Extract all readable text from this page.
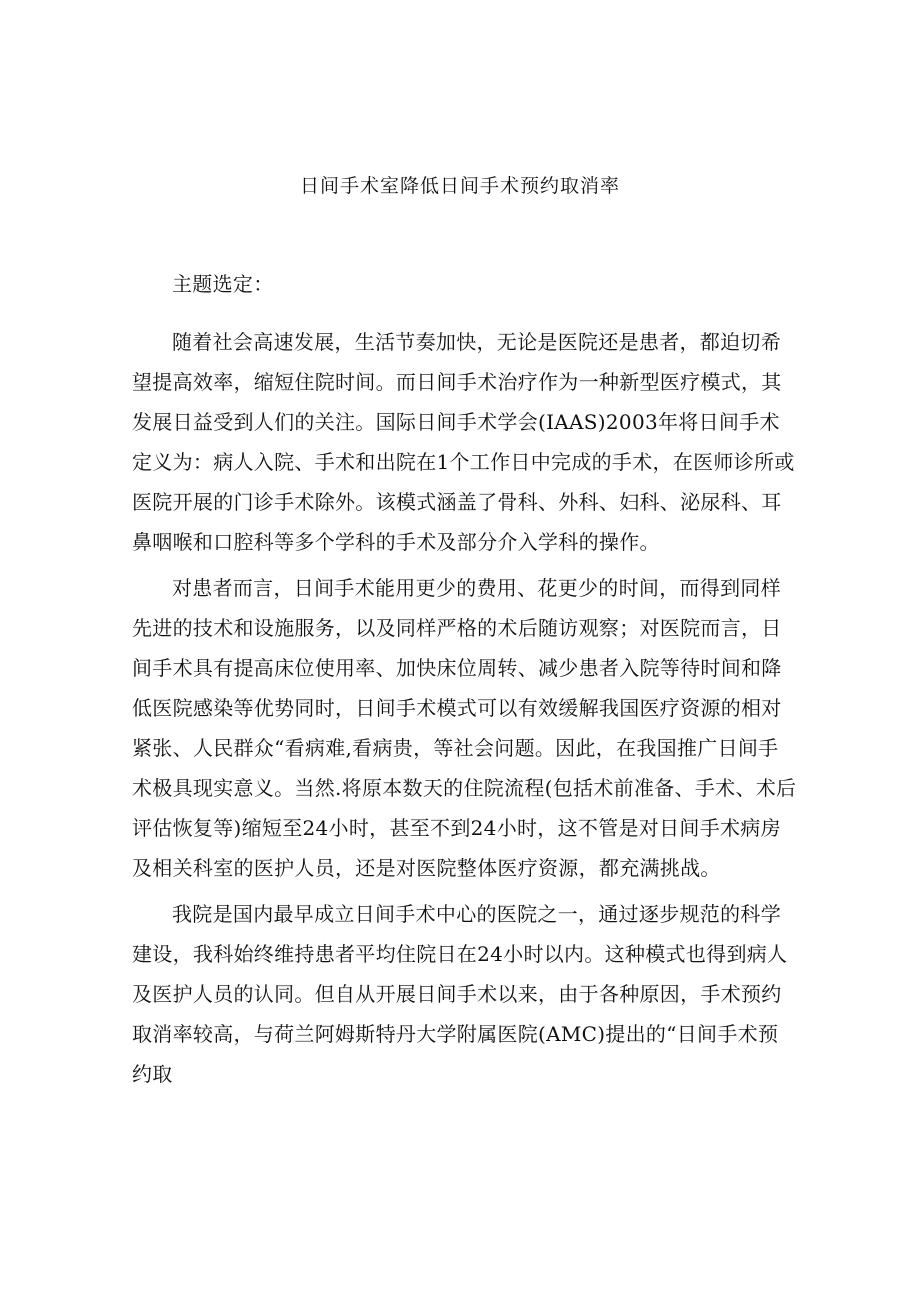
日间手术室降低日间手术预约取消率

主题选定：

随着社会高速发展，生活节奏加快，无论是医院还是患者，都迫切希望提高效率，缩短住院时间。而日间手术治疗作为一种新型医疗模式，其发展日益受到人们的关注。国际日间手术学会(IAAS)2003年将日间手术定义为：病人入院、手术和出院在1个工作日中完成的手术，在医师诊所或医院开展的门诊手术除外。该模式涵盖了骨科、外科、妇科、泌尿科、耳鼻咽喉和口腔科等多个学科的手术及部分介入学科的操作。

对患者而言，日间手术能用更少的费用、花更少的时间，而得到同样先进的技术和设施服务，以及同样严格的术后随访观察；对医院而言，日间手术具有提高床位使用率、加快床位周转、减少患者入院等待时间和降低医院感染等优势同时，日间手术模式可以有效缓解我国医疗资源的相对紧张、人民群众“看病难,看病贵，等社会问题。因此，在我国推广日间手术极具现实意义。当然.将原本数天的住院流程(包括术前准备、手术、术后评估恢复等)缩短至24小时，甚至不到24小时，这不管是对日间手术病房及相关科室的医护人员，还是对医院整体医疗资源，都充满挑战。

我院是国内最早成立日间手术中心的医院之一，通过逐步规范的科学建设，我科始终维持患者平均住院日在24小时以内。这种模式也得到病人及医护人员的认同。但自从开展日间手术以来，由于各种原因，手术预约取消率较高，与荷兰阿姆斯特丹大学附属医院(AMC)提出的“日间手术预约取
